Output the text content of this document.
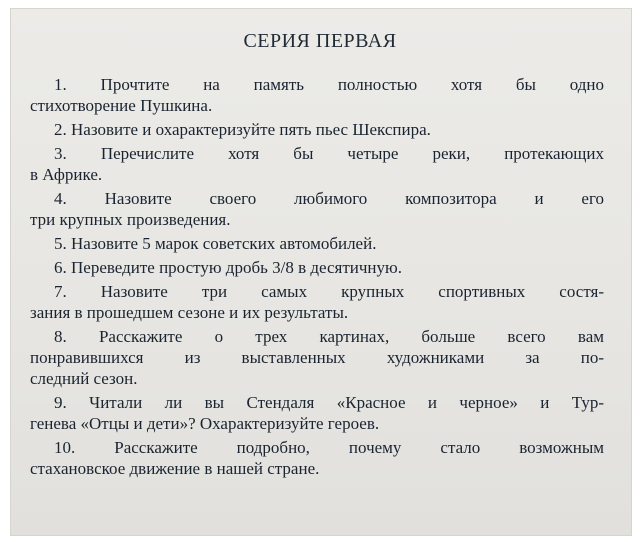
СЕРИЯ ПЕРВАЯ
1. Прочтите на память полностью хотя бы одно
стихотворение Пушкина.
2. Назовите и охарактеризуйте пять пьес Шекспира.
3. Перечислите хотя бы четыре реки, протекающих
в Африке.
4. Назовите своего любимого композитора и его
три крупных произведения.
5. Назовите 5 марок советских автомобилей.
6. Переведите простую дробь 3/8 в десятичную.
7. Назовите три самых крупных спортивных состя-
зания в прошедшем сезоне и их результаты.
8. Расскажите о трех картинах, больше всего вам
понравившихся из выставленных художниками за по-
следний сезон.
9. Читали ли вы Стендаля «Красное и черное» и Тур-
генева «Отцы и дети»? Охарактеризуйте героев.
10. Расскажите подробно, почему стало возможным
стахановское движение в нашей стране.
